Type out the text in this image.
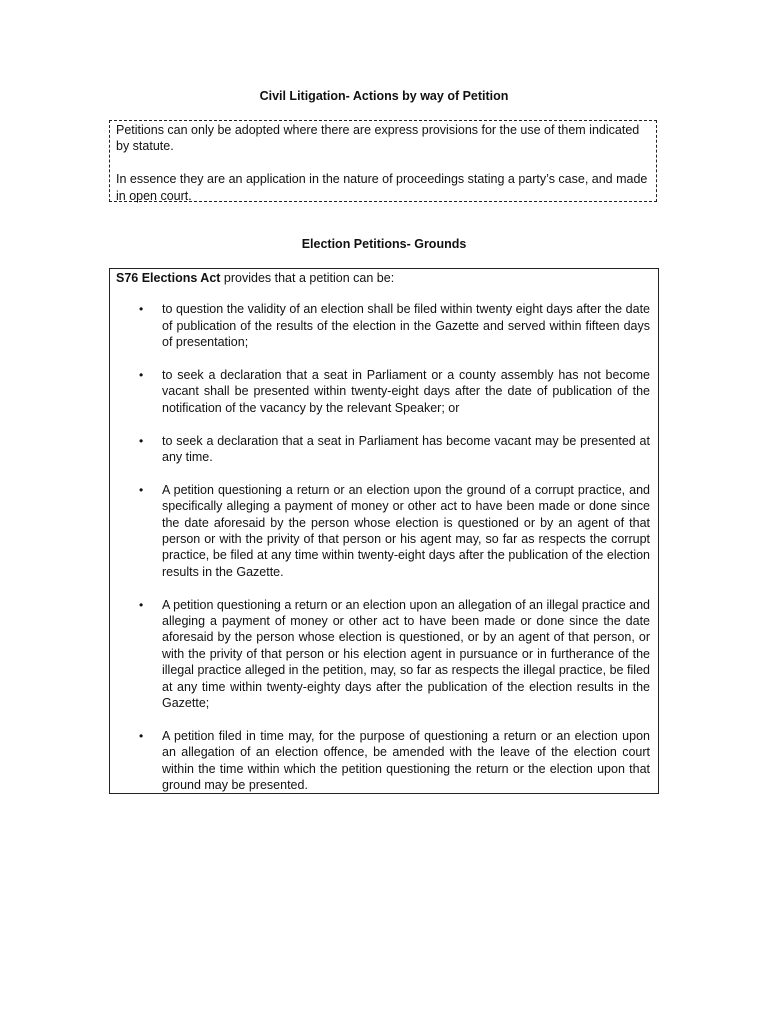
Civil Litigation- Actions by way of Petition

Petitions can only be adopted where there are express provisions for the use of them indicated by statute.

In essence they are an application in the nature of proceedings stating a party’s case, and made in open court.

Election Petitions- Grounds

S76 Elections Act provides that a petition can be:

• to question the validity of an election shall be filed within twenty eight days after the date of publication of the results of the election in the Gazette and served within fifteen days of presentation;
• to seek a declaration that a seat in Parliament or a county assembly has not become vacant shall be presented within twenty-eight days after the date of publication of the notification of the vacancy by the relevant Speaker; or
• to seek a declaration that a seat in Parliament has become vacant may be presented at any time.
• A petition questioning a return or an election upon the ground of a corrupt practice, and specifically alleging a payment of money or other act to have been made or done since the date aforesaid by the person whose election is questioned or by an agent of that person or with the privity of that person or his agent may, so far as respects the corrupt practice, be filed at any time within twenty-eight days after the publication of the election results in the Gazette.
• A petition questioning a return or an election upon an allegation of an illegal practice and alleging a payment of money or other act to have been made or done since the date aforesaid by the person whose election is questioned, or by an agent of that person, or with the privity of that person or his election agent in pursuance or in furtherance of the illegal practice alleged in the petition, may, so far as respects the illegal practice, be filed at any time within twenty-eighty days after the publication of the election results in the Gazette;
• A petition filed in time may, for the purpose of questioning a return or an election upon an allegation of an election offence, be amended with the leave of the election court within the time within which the petition questioning the return or the election upon that ground may be presented.
